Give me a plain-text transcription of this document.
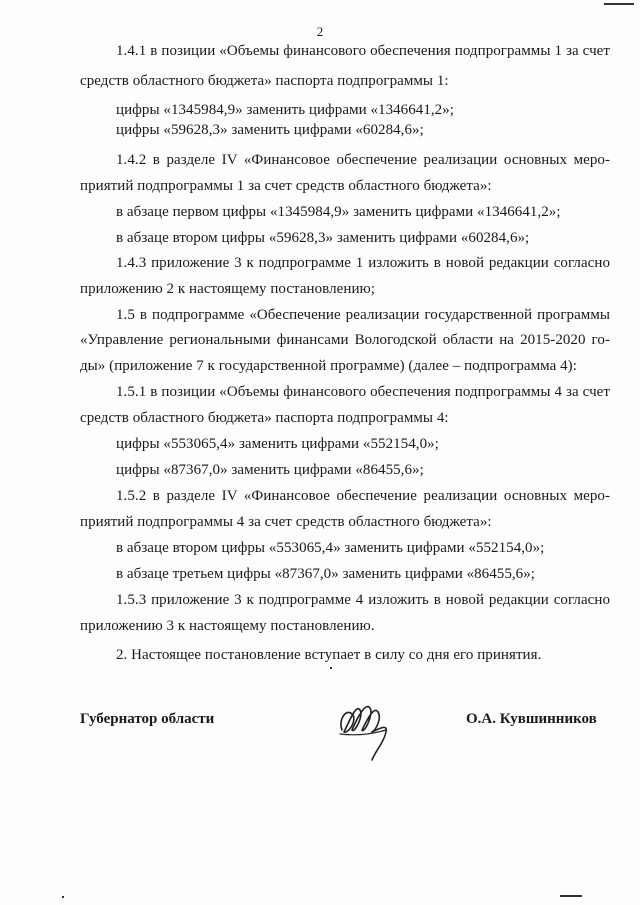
2
1.4.1 в позиции «Объемы финансового обеспечения подпрограммы 1 за счет
средств областного бюджета» паспорта подпрограммы 1:
цифры «1345984,9» заменить цифрами «1346641,2»;
цифры «59628,3» заменить цифрами «60284,6»;
1.4.2 в разделе IV «Финансовое обеспечение реализации основных меро-
приятий подпрограммы 1 за счет средств областного бюджета»:
в абзаце первом цифры «1345984,9» заменить цифрами «1346641,2»;
в абзаце втором цифры «59628,3» заменить цифрами «60284,6»;
1.4.3 приложение 3 к подпрограмме 1 изложить в новой редакции согласно
приложению 2 к настоящему постановлению;
1.5 в подпрограмме «Обеспечение реализации государственной программы
«Управление региональными финансами Вологодской области на 2015-2020 го-
ды» (приложение 7 к государственной программе) (далее – подпрограмма 4):
1.5.1 в позиции «Объемы финансового обеспечения подпрограммы 4 за счет
средств областного бюджета» паспорта подпрограммы 4:
цифры «553065,4» заменить цифрами «552154,0»;
цифры «87367,0» заменить цифрами «86455,6»;
1.5.2 в разделе IV «Финансовое обеспечение реализации основных меро-
приятий подпрограммы 4 за счет средств областного бюджета»:
в абзаце втором цифры «553065,4» заменить цифрами «552154,0»;
в абзаце третьем цифры «87367,0» заменить цифрами «86455,6»;
1.5.3 приложение 3 к подпрограмме 4 изложить в новой редакции согласно
приложению 3 к настоящему постановлению.
2. Настоящее постановление вступает в силу со дня его принятия.
Губернатор области	О.А. Кувшинников
